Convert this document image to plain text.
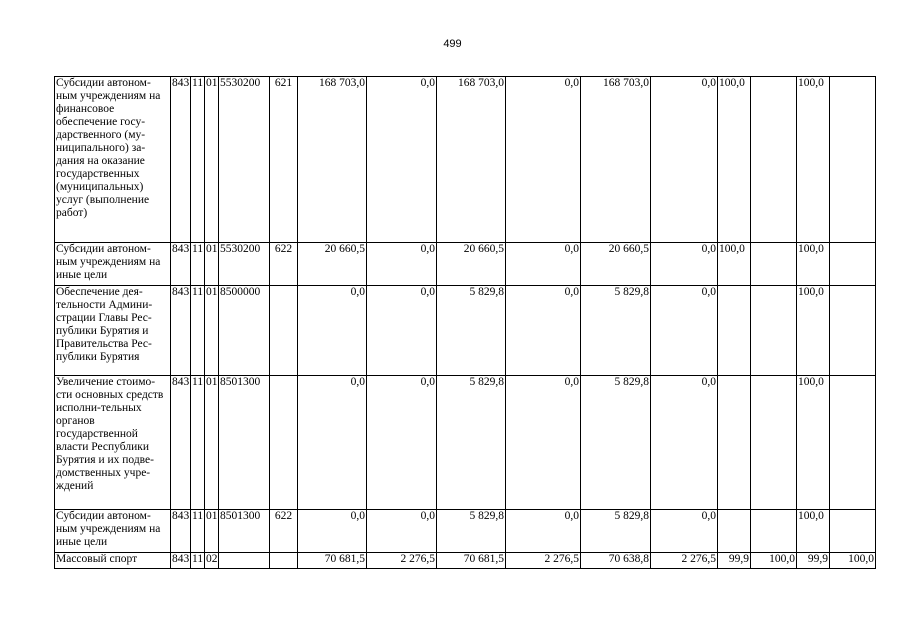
499
Субсидии автоном-ным учреждениям на финансовое обеспечение госу-дарственного (му-ниципального) за-дания на оказание государственных (муниципальных) услуг (выполнение работ)	843	11	01	5530200	621	168 703,0	0,0	168 703,0	0,0	168 703,0	0,0	100,0		100,0	
Субсидии автоном-ным учреждениям на иные цели	843	11	01	5530200	622	20 660,5	0,0	20 660,5	0,0	20 660,5	0,0	100,0		100,0	
Обеспечение дея-тельности Админи-страции Главы Рес-публики Бурятия и Правительства Рес-публики Бурятия	843	11	01	8500000		0,0	0,0	5 829,8	0,0	5 829,8	0,0			100,0	
Увеличение стоимо-сти основных средств исполни-тельных органов государственной власти Республики Бурятия и их подве-домственных учре-ждений	843	11	01	8501300		0,0	0,0	5 829,8	0,0	5 829,8	0,0			100,0	
Субсидии автоном-ным учреждениям на иные цели	843	11	01	8501300	622	0,0	0,0	5 829,8	0,0	5 829,8	0,0			100,0	
Массовый спорт	843	11	02			70 681,5	2 276,5	70 681,5	2 276,5	70 638,8	2 276,5	99,9	100,0	99,9	100,0
